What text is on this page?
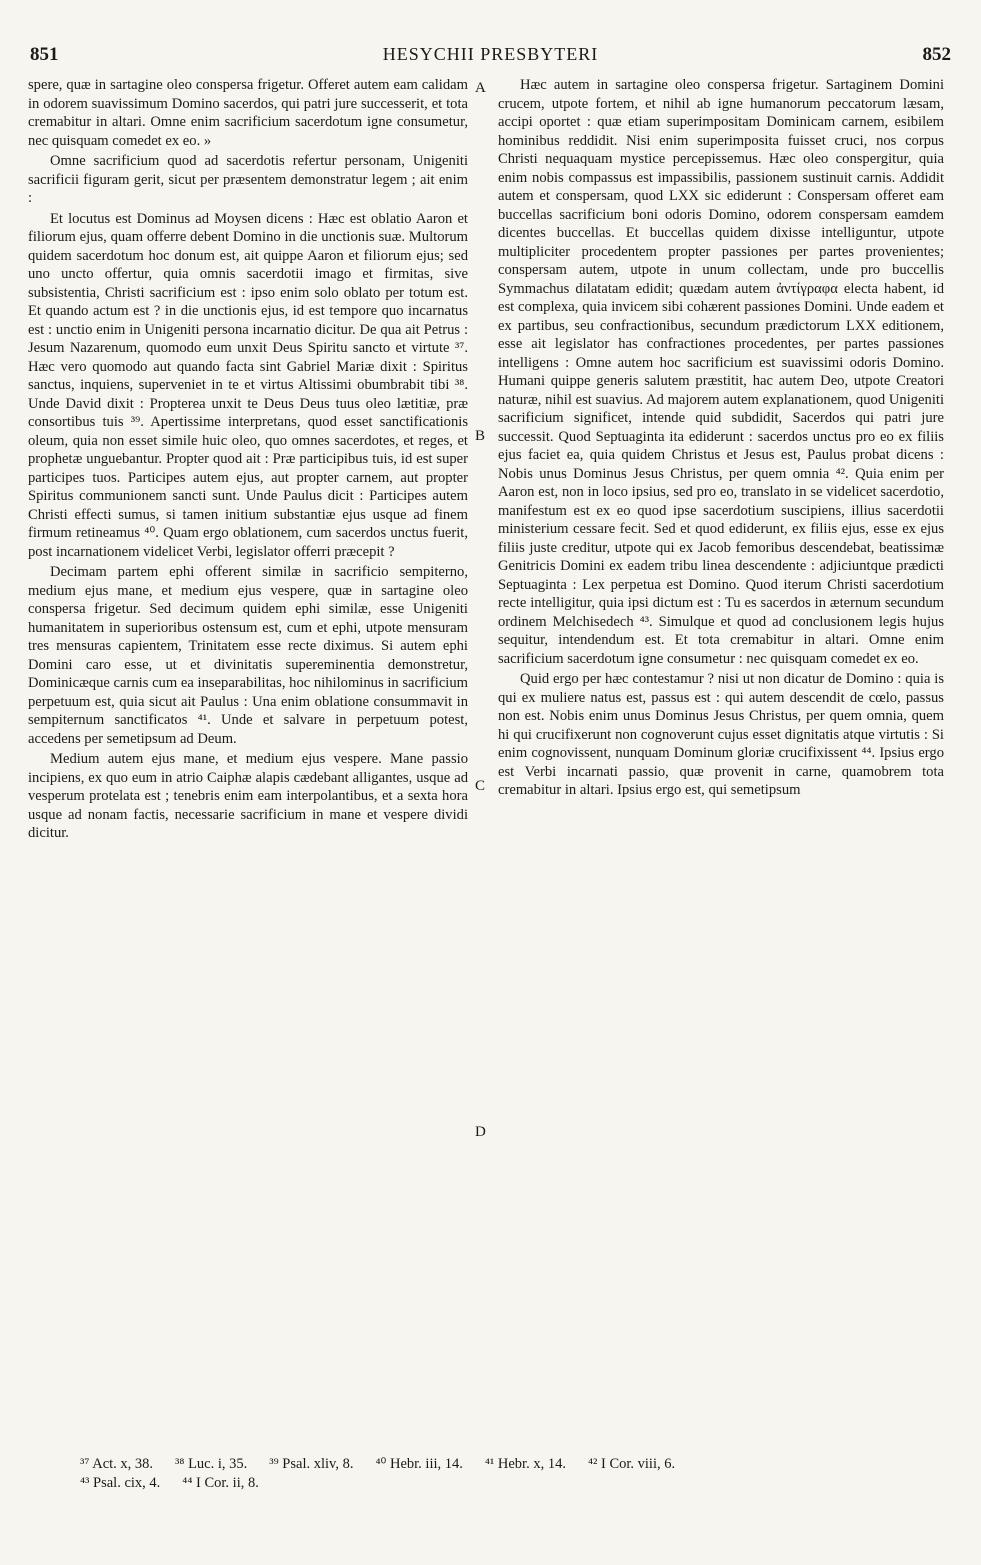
851	HESYCHII PRESBYTERI	852

spere, quæ in sartagine oleo conspersa frigetur. Offeret autem eam calidam in odorem suavissimum Domino sacerdos, qui patri jure successerit, et tota cremabitur in altari. Omne enim sacrificium sacerdotum igne consumetur, nec quisquam comedet ex eo. »

Omne sacrificium quod ad sacerdotis refertur personam, Unigeniti sacrificii figuram gerit, sicut per præsentem demonstratur legem ; ait enim :

Et locutus est Dominus ad Moysen dicens : Hæc est oblatio Aaron et filiorum ejus, quam offerre debent Domino in die unctionis suæ. Multorum quidem sacerdotum hoc donum est, ait quippe Aaron et filiorum ejus; sed uno uncto offertur, quia omnis sacerdotii imago et firmitas, sive subsistentia, Christi sacrificium est : ipso enim solo oblato per totum est. Et quando actum est ? in die unctionis ejus, id est tempore quo incarnatus est : unctio enim in Unigeniti persona incarnatio dicitur. De qua ait Petrus : Jesum Nazarenum, quomodo eum unxit Deus Spiritu sancto et virtute ³⁷. Hæc vero quomodo aut quando facta sint Gabriel Mariæ dixit : Spiritus sanctus, inquiens, superveniet in te et virtus Altissimi obumbrabit tibi ³⁸. Unde David dixit : Propterea unxit te Deus Deus tuus oleo lætitiæ, præ consortibus tuis ³⁹. Apertissime interpretans, quod esset sanctificationis oleum, quia non esset simile huic oleo, quo omnes sacerdotes, et reges, et prophetæ unguebantur. Propter quod ait : Præ participibus tuis, id est super participes tuos. Participes autem ejus, aut propter carnem, aut propter Spiritus communionem sancti sunt. Unde Paulus dicit : Participes autem Christi effecti sumus, si tamen initium substantiæ ejus usque ad finem firmum retineamus ⁴⁰. Quam ergo oblationem, cum sacerdos unctus fuerit, post incarnationem videlicet Verbi, legislator offerri præcepit ?

Decimam partem ephi offerent similæ in sacrificio sempiterno, medium ejus mane, et medium ejus vespere, quæ in sartagine oleo conspersa frigetur. Sed decimum quidem ephi similæ, esse Unigeniti humanitatem in superioribus ostensum est, cum et ephi, utpote mensuram tres mensuras capientem, Trinitatem esse recte diximus. Si autem ephi Domini caro esse, ut et divinitatis supereminentia demonstretur, Dominicæque carnis cum ea inseparabilitas, hoc nihilominus in sacrificium perpetuum est, quia sicut ait Paulus : Una enim oblatione consummavit in sempiternum sanctificatos ⁴¹. Unde et salvare in perpetuum potest, accedens per semetipsum ad Deum.

Medium autem ejus mane, et medium ejus vespere. Mane passio incipiens, ex quo eum in atrio Caiphæ alapis cædebant alligantes, usque ad vesperum protelata est ; tenebris enim eam interpolantibus, et a sexta hora usque ad nonam factis, necessarie sacrificium in mane et vespere dividi dicitur.

Hæc autem in sartagine oleo conspersa frigetur. Sartaginem Domini crucem, utpote fortem, et nihil ab igne humanorum peccatorum læsam, accipi oportet : quæ etiam superimpositam Dominicam carnem, esibilem hominibus reddidit. Nisi enim superimposita fuisset cruci, nos corpus Christi nequaquam mystice percepissemus. Hæc oleo conspergitur, quia enim nobis compassus est impassibilis, passionem sustinuit carnis. Addidit autem et conspersam, quod LXX sic ediderunt : Conspersam offeret eam buccellas sacrificium boni odoris Domino, odorem conspersam eamdem dicentes buccellas. Et buccellas quidem dixisse intelliguntur, utpote multipliciter procedentem propter passiones per partes provenientes; conspersam autem, utpote in unum collectam, unde pro buccellis Symmachus dilatatam edidit; quædam autem ἀντίγραφα electa habent, id est complexa, quia invicem sibi cohærent passiones Domini. Unde eadem et ex partibus, seu confractionibus, secundum prædictorum LXX editionem, esse ait legislator has confractiones procedentes, per partes passiones intelligens : Omne autem hoc sacrificium est suavissimi odoris Domino. Humani quippe generis salutem præstitit, hac autem Deo, utpote Creatori naturæ, nihil est suavius. Ad majorem autem explanationem, quod Unigeniti sacrificium significet, intende quid subdidit, Sacerdos qui patri jure successit. Quod Septuaginta ita ediderunt : sacerdos unctus pro eo ex filiis ejus faciet ea, quia quidem Christus et Jesus est, Paulus probat dicens : Nobis unus Dominus Jesus Christus, per quem omnia ⁴². Quia enim per Aaron est, non in loco ipsius, sed pro eo, translato in se videlicet sacerdotio, manifestum est ex eo quod ipse sacerdotium suscipiens, illius sacerdotii ministerium cessare fecit. Sed et quod ediderunt, ex filiis ejus, esse ex ejus filiis juste creditur, utpote qui ex Jacob femoribus descendebat, beatissimæ Genitricis Domini ex eadem tribu linea descendente : adjiciuntque prædicti Septuaginta : Lex perpetua est Domino. Quod iterum Christi sacerdotium recte intelligitur, quia ipsi dictum est : Tu es sacerdos in æternum secundum ordinem Melchisedech ⁴³. Simulque et quod ad conclusionem legis hujus sequitur, intendendum est. Et tota cremabitur in altari. Omne enim sacrificium sacerdotum igne consumetur : nec quisquam comedet ex eo.

Quid ergo per hæc contestamur ? nisi ut non dicatur de Domino : quia is qui ex muliere natus est, passus est : qui autem descendit de cœlo, passus non est. Nobis enim unus Dominus Jesus Christus, per quem omnia, quem hi qui crucifixerunt non cognoverunt cujus esset dignitatis atque virtutis : Si enim cognovissent, nunquam Dominum gloriæ crucifixissent ⁴⁴. Ipsius ergo est Verbi incarnati passio, quæ provenit in carne, quamobrem tota cremabitur in altari. Ipsius ergo est, qui semetipsum

A
B
C
D
³⁷ Act. x, 38. ³⁸ Luc. i, 35. ³⁹ Psal. xliv, 8. ⁴⁰ Hebr. iii, 14. ⁴¹ Hebr. x, 14. ⁴² I Cor. viii, 6.
⁴³ Psal. cix, 4. ⁴⁴ I Cor. ii, 8.
